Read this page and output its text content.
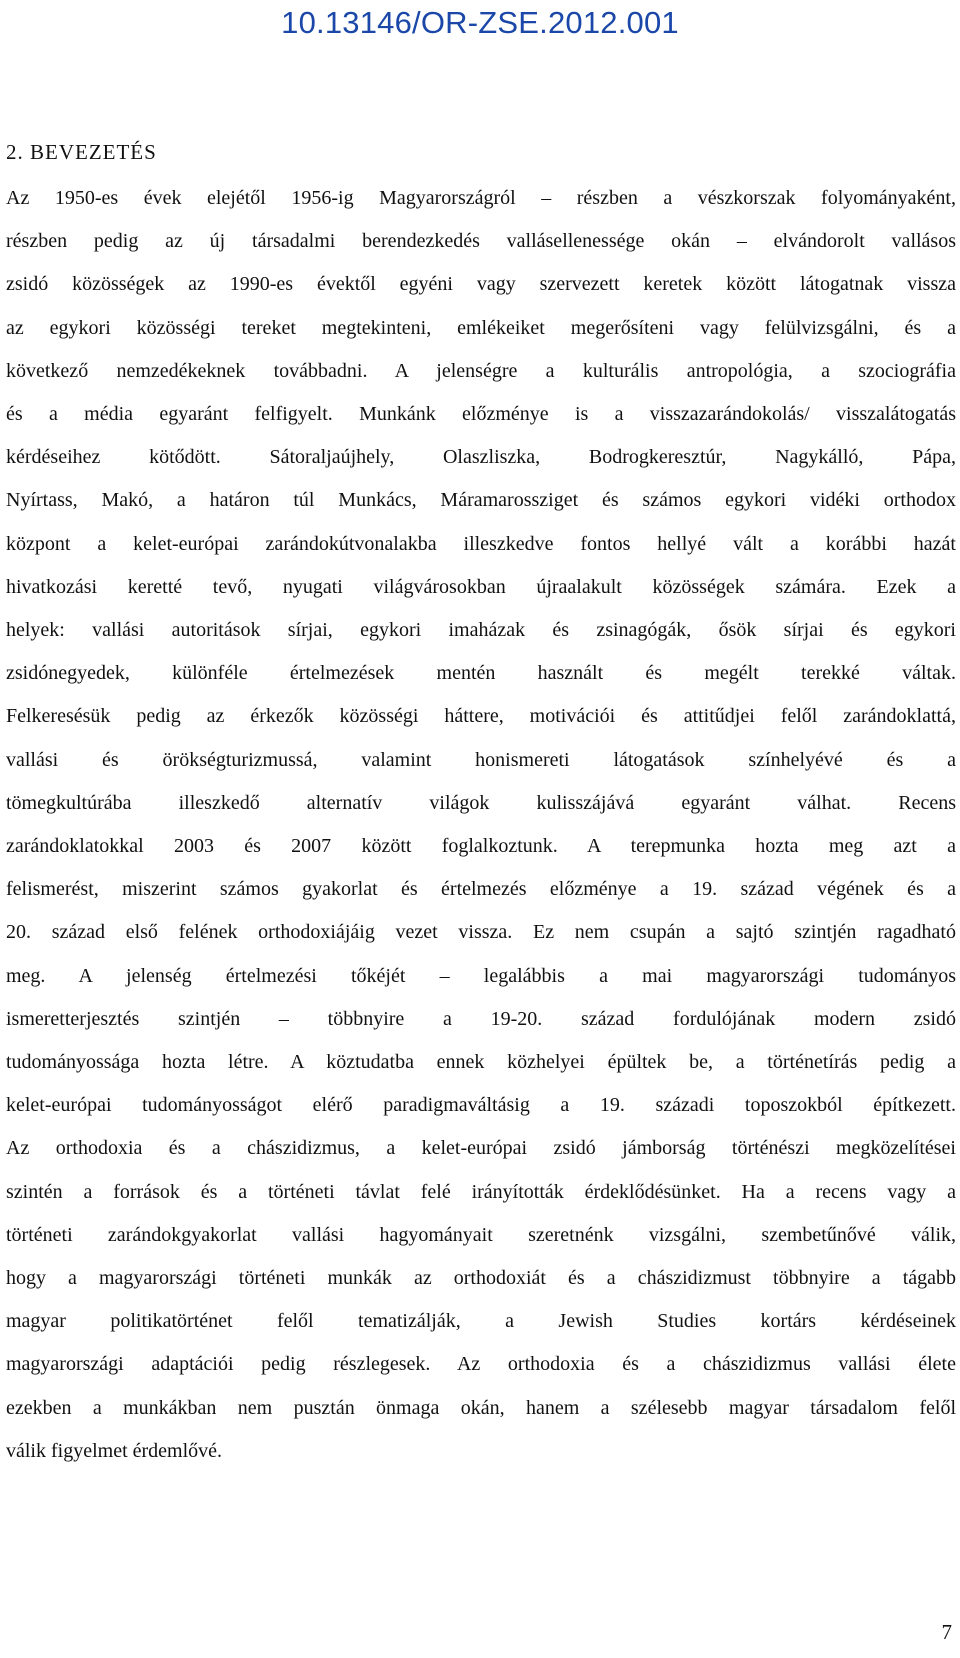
10.13146/OR-ZSE.2012.001
2. BEVEZETÉS
Az 1950-es évek elejétől 1956-ig Magyarországról – részben a vészkorszak folyományaként,
részben pedig az új társadalmi berendezkedés vallásellenessége okán – elvándorolt vallásos
zsidó közösségek az 1990-es évektől egyéni vagy szervezett keretek között látogatnak vissza
az egykori közösségi tereket megtekinteni, emlékeiket megerősíteni vagy felülvizsgálni, és a
következő nemzedékeknek továbbadni. A jelenségre a kulturális antropológia, a szociográfia
és a média egyaránt felfigyelt. Munkánk előzménye is a visszazarándokolás/ visszalátogatás
kérdéseihez kötődött. Sátoraljaújhely, Olaszliszka, Bodrogkeresztúr, Nagykálló, Pápa,
Nyírtass, Makó, a határon túl Munkács, Máramarossziget és számos egykori vidéki orthodox
központ a kelet-európai zarándokútvonalakba illeszkedve fontos hellyé vált a korábbi hazát
hivatkozási keretté tevő, nyugati világvárosokban újraalakult közösségek számára. Ezek a
helyek: vallási autoritások sírjai, egykori imaházak és zsinagógák, ősök sírjai és egykori
zsidónegyedek, különféle értelmezések mentén használt és megélt terekké váltak.
Felkeresésük pedig az érkezők közösségi háttere, motivációi és attitűdjei felől zarándoklattá,
vallási és örökségturizmussá, valamint honismereti látogatások színhelyévé és a
tömegkultúrába illeszkedő alternatív világok kulisszájává egyaránt válhat. Recens
zarándoklatokkal 2003 és 2007 között foglalkoztunk. A terepmunka hozta meg azt a
felismerést, miszerint számos gyakorlat és értelmezés előzménye a 19. század végének és a
20. század első felének orthodoxiájáig vezet vissza. Ez nem csupán a sajtó szintjén ragadható
meg. A jelenség értelmezési tőkéjét – legalábbis a mai magyarországi tudományos
ismeretterjesztés szintjén – többnyire a 19-20. század fordulójának modern zsidó
tudományossága hozta létre. A köztudatba ennek közhelyei épültek be, a történetírás pedig a
kelet-európai tudományosságot elérő paradigmaváltásig a 19. századi toposzokból építkezett.
Az orthodoxia és a chászidizmus, a kelet-európai zsidó jámborság történészi megközelítései
szintén a források és a történeti távlat felé irányították érdeklődésünket. Ha a recens vagy a
történeti zarándokgyakorlat vallási hagyományait szeretnénk vizsgálni, szembetűnővé válik,
hogy a magyarországi történeti munkák az orthodoxiát és a chászidizmust többnyire a tágabb
magyar politikatörténet felől tematizálják, a Jewish Studies kortárs kérdéseinek
magyarországi adaptációi pedig részlegesek. Az orthodoxia és a chászidizmus vallási élete
ezekben a munkákban nem pusztán önmaga okán, hanem a szélesebb magyar társadalom felől
válik figyelmet érdemlővé.

7
